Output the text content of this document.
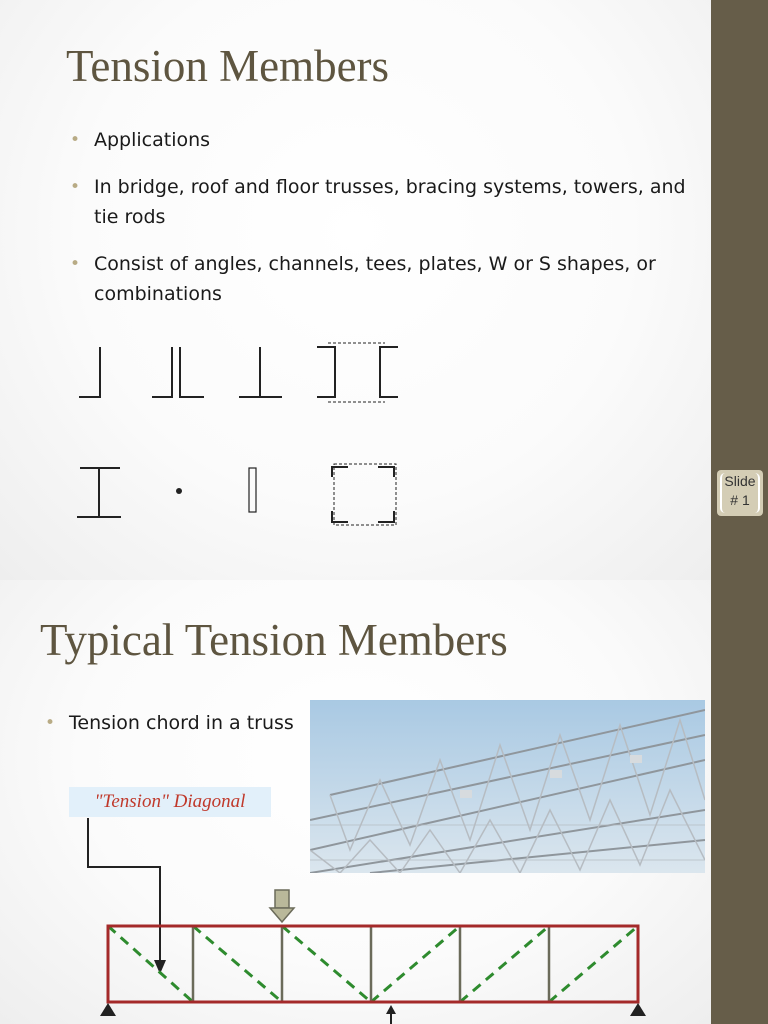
Slide
# 1
Tension Members
• Applications
• In bridge, roof and floor trusses, bracing systems, towers, and tie rods
• Consist of angles, channels, tees, plates, W or S shapes, or combinations
Typical Tension Members
• Tension chord in a truss
"Tension" Diagonal
